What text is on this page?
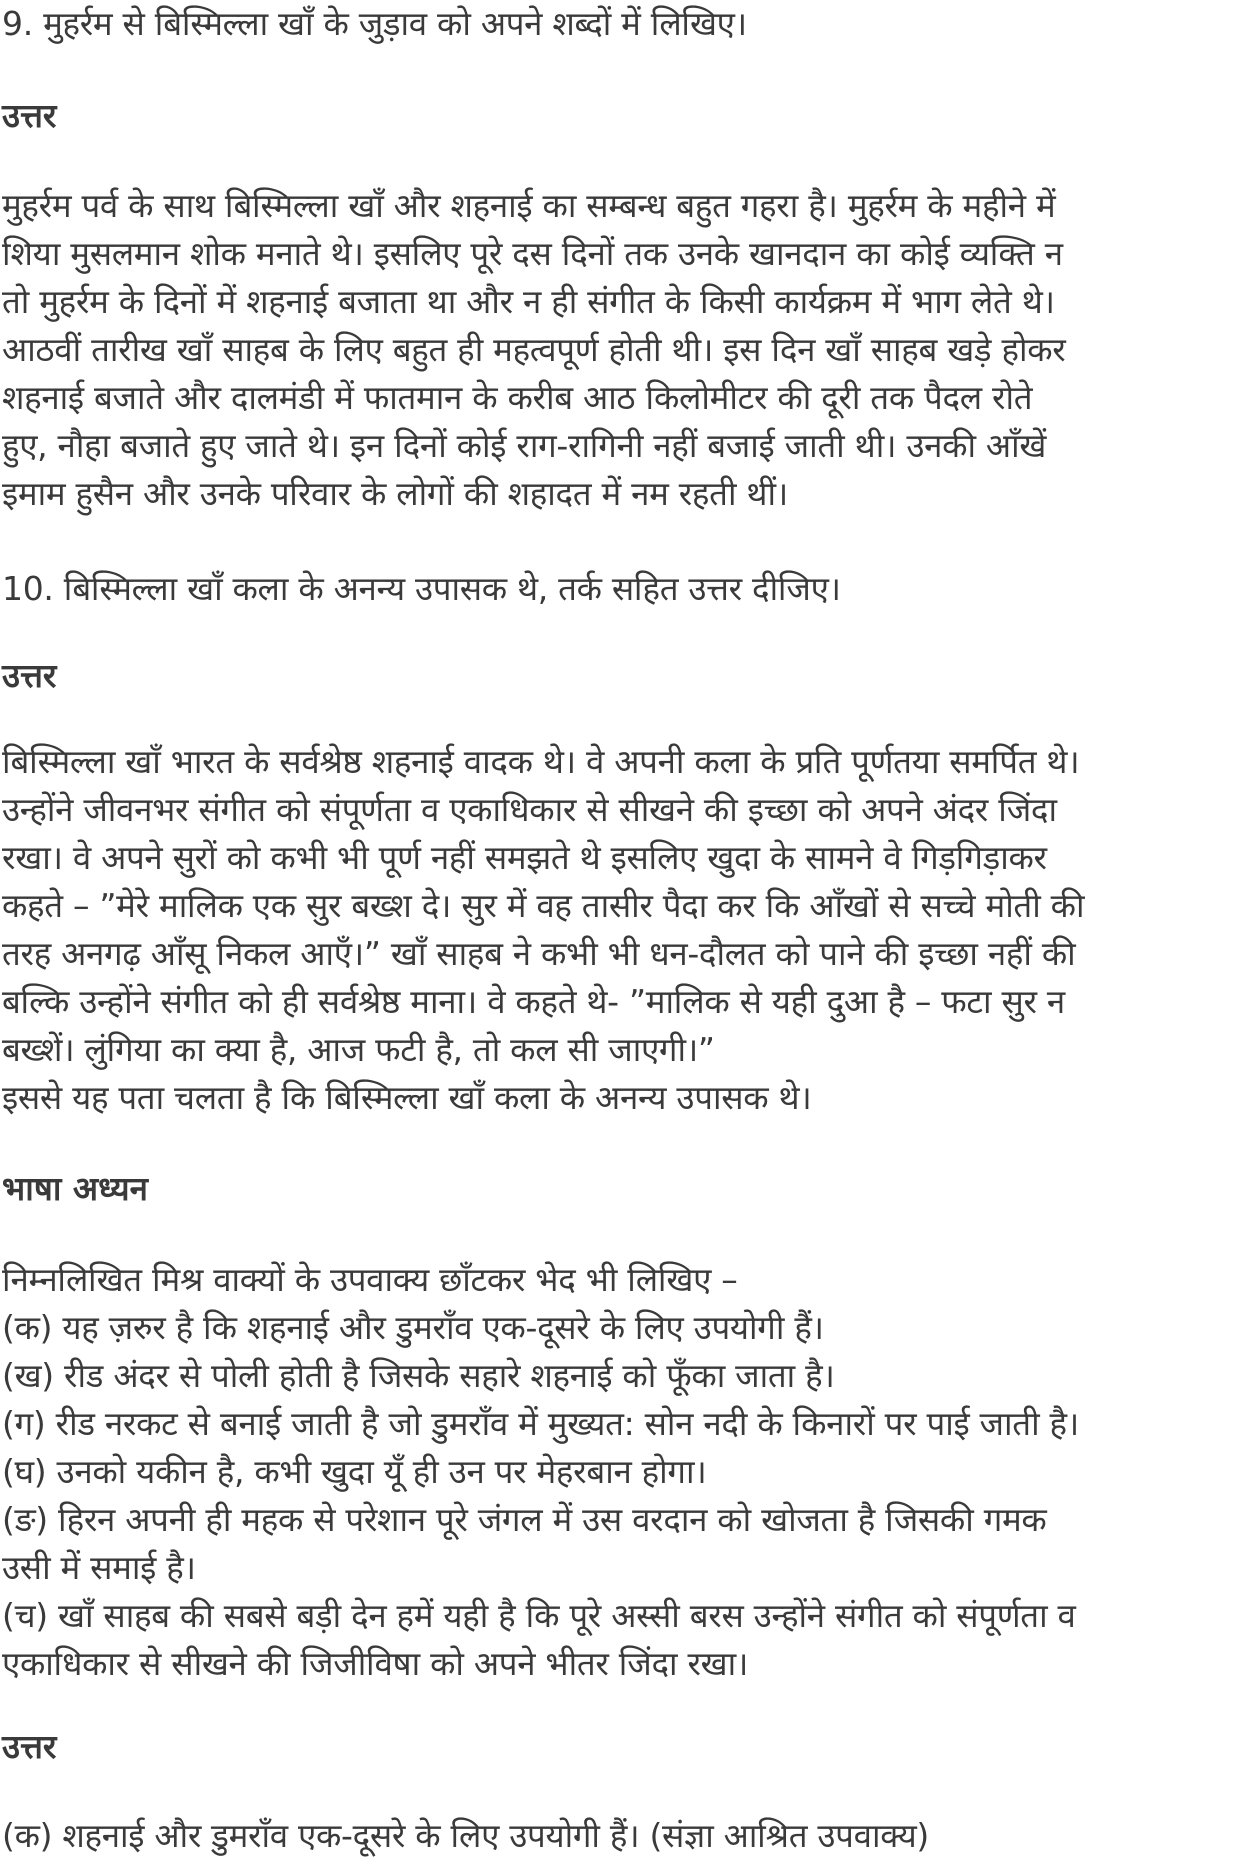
9. मुहर्रम से बिस्मिल्ला खाँ के जुड़ाव को अपने शब्दों में लिखिए।
उत्तर
मुहर्रम पर्व के साथ बिस्मिल्ला खाँ और शहनाई का सम्बन्ध बहुत गहरा है। मुहर्रम के महीने में
शिया मुसलमान शोक मनाते थे। इसलिए पूरे दस दिनों तक उनके खानदान का कोई व्यक्ति न
तो मुहर्रम के दिनों में शहनाई बजाता था और न ही संगीत के किसी कार्यक्रम में भाग लेते थे।
आठवीं तारीख खाँ साहब के लिए बहुत ही महत्वपूर्ण होती थी। इस दिन खाँ साहब खड़े होकर
शहनाई बजाते और दालमंडी में फातमान के करीब आठ किलोमीटर की दूरी तक पैदल रोते
हुए, नौहा बजाते हुए जाते थे। इन दिनों कोई राग-रागिनी नहीं बजाई जाती थी। उनकी आँखें
इमाम हुसैन और उनके परिवार के लोगों की शहादत में नम रहती थीं।
10. बिस्मिल्ला खाँ कला के अनन्य उपासक थे, तर्क सहित उत्तर दीजिए।
उत्तर
बिस्मिल्ला खाँ भारत के सर्वश्रेष्ठ शहनाई वादक थे। वे अपनी कला के प्रति पूर्णतया समर्पित थे।
उन्होंने जीवनभर संगीत को संपूर्णता व एकाधिकार से सीखने की इच्छा को अपने अंदर जिंदा
रखा। वे अपने सुरों को कभी भी पूर्ण नहीं समझते थे इसलिए खुदा के सामने वे गिड़गिड़ाकर
कहते – ”मेरे मालिक एक सुर बख्श दे। सुर में वह तासीर पैदा कर कि आँखों से सच्चे मोती की
तरह अनगढ़ आँसू निकल आएँ।” खाँ साहब ने कभी भी धन-दौलत को पाने की इच्छा नहीं की
बल्कि उन्होंने संगीत को ही सर्वश्रेष्ठ माना। वे कहते थे- ”मालिक से यही दुआ है – फटा सुर न
बख्शें। लुंगिया का क्या है, आज फटी है, तो कल सी जाएगी।”
इससे यह पता चलता है कि बिस्मिल्ला खाँ कला के अनन्य उपासक थे।
भाषा अध्यन
निम्नलिखित मिश्र वाक्यों के उपवाक्य छाँटकर भेद भी लिखिए –
(क) यह ज़रुर है कि शहनाई और डुमराँव एक-दूसरे के लिए उपयोगी हैं।
(ख) रीड अंदर से पोली होती है जिसके सहारे शहनाई को फूँका जाता है।
(ग) रीड नरकट से बनाई जाती है जो डुमराँव में मुख्यत: सोन नदी के किनारों पर पाई जाती है।
(घ) उनको यकीन है, कभी खुदा यूँ ही उन पर मेहरबान होगा।
(ङ) हिरन अपनी ही महक से परेशान पूरे जंगल में उस वरदान को खोजता है जिसकी गमक
उसी में समाई है।
(च) खाँ साहब की सबसे बड़ी देन हमें यही है कि पूरे अस्सी बरस उन्होंने संगीत को संपूर्णता व
एकाधिकार से सीखने की जिजीविषा को अपने भीतर जिंदा रखा।
उत्तर
(क) शहनाई और डुमराँव एक-दूसरे के लिए उपयोगी हैं। (संज्ञा आश्रित उपवाक्य)
